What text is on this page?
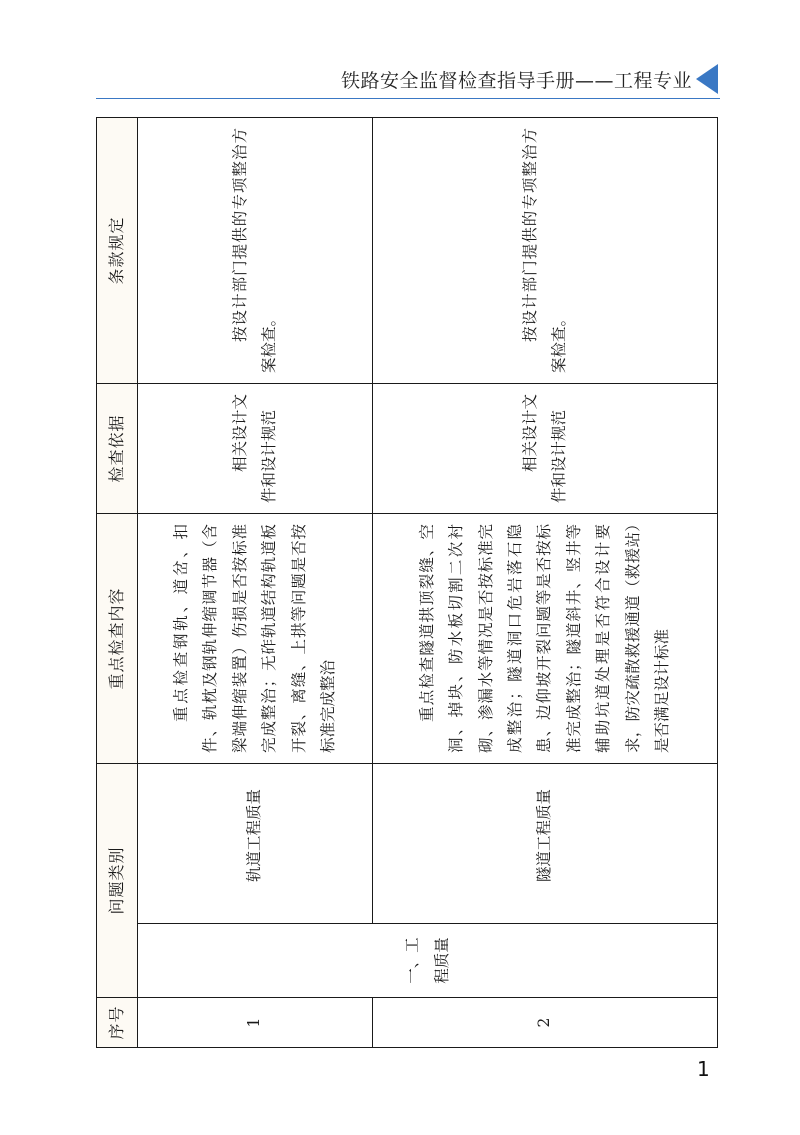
铁路安全监督检查指导手册——工程专业
序号	问题类别		重点检查内容	检查依据	条款规定
1	一、工程质量	轨道工程质量	重点检查钢轨、道岔、扣件、轨枕及钢轨伸缩调节器（含梁端伸缩装置）伤损是否按标准完成整治；无砟轨道结构轨道板开裂、离缝、上拱等问题是否按标准完成整治	相关设计文件和设计规范	按设计部门提供的专项整治方案检查。
2		隧道工程质量	重点检查隧道拱顶裂缝、空洞、掉块、防水板切割二次衬砌、渗漏水等情况是否按标准完成整治；隧道洞口危岩落石隐患、边仰坡开裂问题等是否按标准完成整治；隧道斜井、竖井等辅助坑道处理是否符合设计要求，防灾疏散救援通道（救援站）是否满足设计标准	相关设计文件和设计规范	按设计部门提供的专项整治方案检查。
1
